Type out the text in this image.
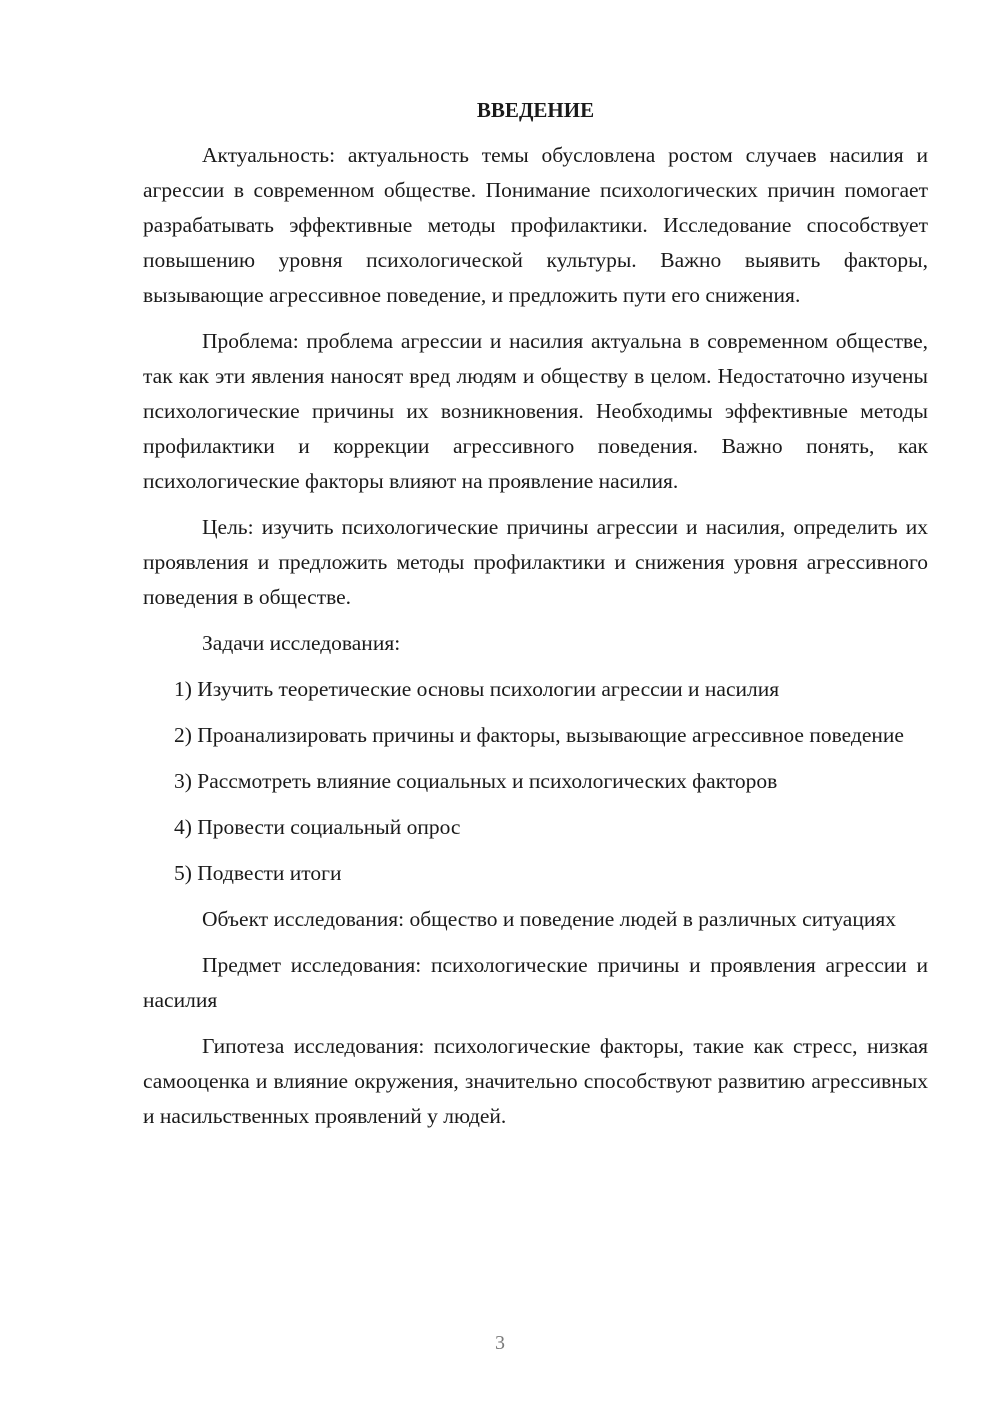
ВВЕДЕНИЕ

Актуальность: актуальность темы обусловлена ростом случаев насилия и агрессии в современном обществе. Понимание психологических причин помогает разрабатывать эффективные методы профилактики. Исследование способствует повышению уровня психологической культуры. Важно выявить факторы, вызывающие агрессивное поведение, и предложить пути его снижения.

Проблема: проблема агрессии и насилия актуальна в современном обществе, так как эти явления наносят вред людям и обществу в целом. Недостаточно изучены психологические причины их возникновения. Необходимы эффективные методы профилактики и коррекции агрессивного поведения. Важно понять, как психологические факторы влияют на проявление насилия.

Цель: изучить психологические причины агрессии и насилия, определить их проявления и предложить методы профилактики и снижения уровня агрессивного поведения в обществе.

Задачи исследования:

1) Изучить теоретические основы психологии агрессии и насилия

2) Проанализировать причины и факторы, вызывающие агрессивное поведение

3) Рассмотреть влияние социальных и психологических факторов

4) Провести социальный опрос

5) Подвести итоги

Объект исследования: общество и поведение людей в различных ситуациях

Предмет исследования: психологические причины и проявления агрессии и насилия

Гипотеза исследования: психологические факторы, такие как стресс, низкая самооценка и влияние окружения, значительно способствуют развитию агрессивных и насильственных проявлений у людей.

3
